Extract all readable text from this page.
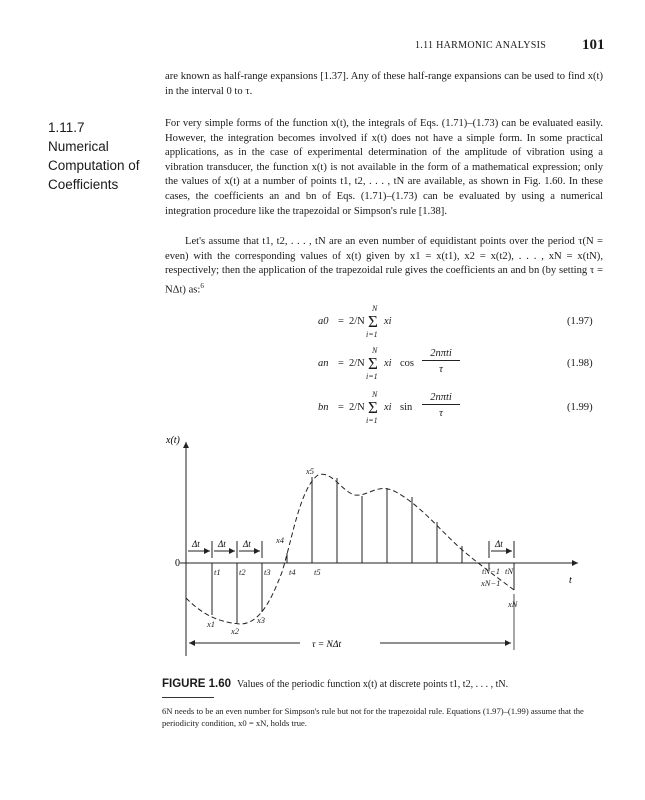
1.11 HARMONIC ANALYSIS 101
are known as half-range expansions [1.37]. Any of these half-range expansions can be used to find x(t) in the interval 0 to τ.
1.11.7
Numerical Computation of Coefficients
For very simple forms of the function x(t), the integrals of Eqs. (1.71)–(1.73) can be evaluated easily. However, the integration becomes involved if x(t) does not have a simple form. In some practical applications, as in the case of experimental determination of the amplitude of vibration using a vibration transducer, the function x(t) is not available in the form of a mathematical expression; only the values of x(t) at a number of points t1, t2, . . . , tN are available, as shown in Fig. 1.60. In these cases, the coefficients an and bn of Eqs. (1.71)–(1.73) can be evaluated by using a numerical integration procedure like the trapezoidal or Simpson's rule [1.38].
Let's assume that t1, t2, . . . , tN are an even number of equidistant points over the period τ(N = even) with the corresponding values of x(t) given by x1 = x(t1), x2 = x(t2), . . . , xN = x(tN), respectively; then the application of the trapezoidal rule gives the coefficients an and bn (by setting τ = NΔt) as:$^6$
a0 = 2/N
N
Σ
i=1
xi	(1.97)
an = 2/N
N
Σ
i=1
xi cos
2nπti
τ
(1.98)
bn = 2/N
N
Σ
i=1
xi sin
2nπti
τ
(1.99)
x(t)
t
0
Δt Δt Δt	Δt
t1 t2 t3 t4 t5	tN−1 tN
x1
x2
x3
x4
x5
xN−1
xN
τ = NΔt
FIGURE 1.60 Values of the periodic function x(t) at discrete points t1, t2, . . . , tN.
6N needs to be an even number for Simpson's rule but not for the trapezoidal rule. Equations (1.97)–(1.99) assume that the periodicity condition, x0 = xN, holds true.
